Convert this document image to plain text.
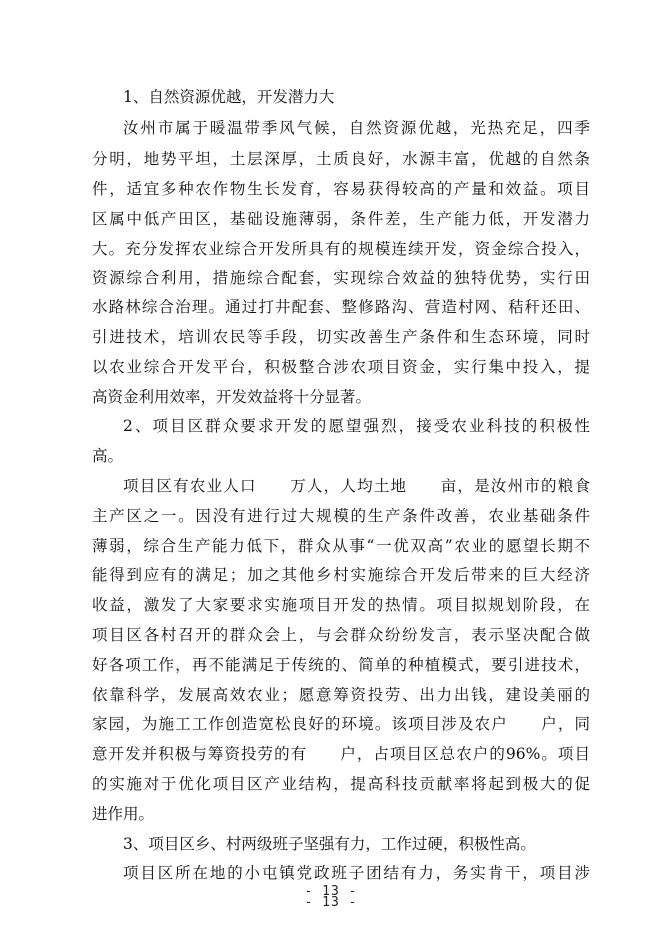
1、自然资源优越，开发潜力大
汝州市属于暖温带季风气候，自然资源优越，光热充足，四季
分明，地势平坦，土层深厚，土质良好，水源丰富，优越的自然条
件，适宜多种农作物生长发育，容易获得较高的产量和效益。项目
区属中低产田区，基础设施薄弱，条件差，生产能力低，开发潜力
大。充分发挥农业综合开发所具有的规模连续开发，资金综合投入，
资源综合利用，措施综合配套，实现综合效益的独特优势，实行田
水路林综合治理。通过打井配套、整修路沟、营造村网、秸秆还田、
引进技术，培训农民等手段，切实改善生产条件和生态环境，同时
以农业综合开发平台，积极整合涉农项目资金，实行集中投入，提
高资金利用效率，开发效益将十分显著。
2、项目区群众要求开发的愿望强烈，接受农业科技的积极性
高。
项目区有农业人口　　万人，人均土地　　亩，是汝州市的粮食
主产区之一。因没有进行过大规模的生产条件改善，农业基础条件
薄弱，综合生产能力低下，群众从事“一优双高”农业的愿望长期不
能得到应有的满足；加之其他乡村实施综合开发后带来的巨大经济
收益，激发了大家要求实施项目开发的热情。项目拟规划阶段，在
项目区各村召开的群众会上，与会群众纷纷发言，表示坚决配合做
好各项工作，再不能满足于传统的、简单的种植模式，要引进技术，
依靠科学，发展高效农业；愿意筹资投劳、出力出钱，建设美丽的
家园，为施工工作创造宽松良好的环境。该项目涉及农户　　户，同
意开发并积极与筹资投劳的有　　户，占项目区总农户的96%。项目
的实施对于优化项目区产业结构，提高科技贡献率将起到极大的促
进作用。
3、项目区乡、村两级班子坚强有力，工作过硬，积极性高。
项目区所在地的小屯镇党政班子团结有力，务实肯干，项目涉
- 13 -
- 13 -
